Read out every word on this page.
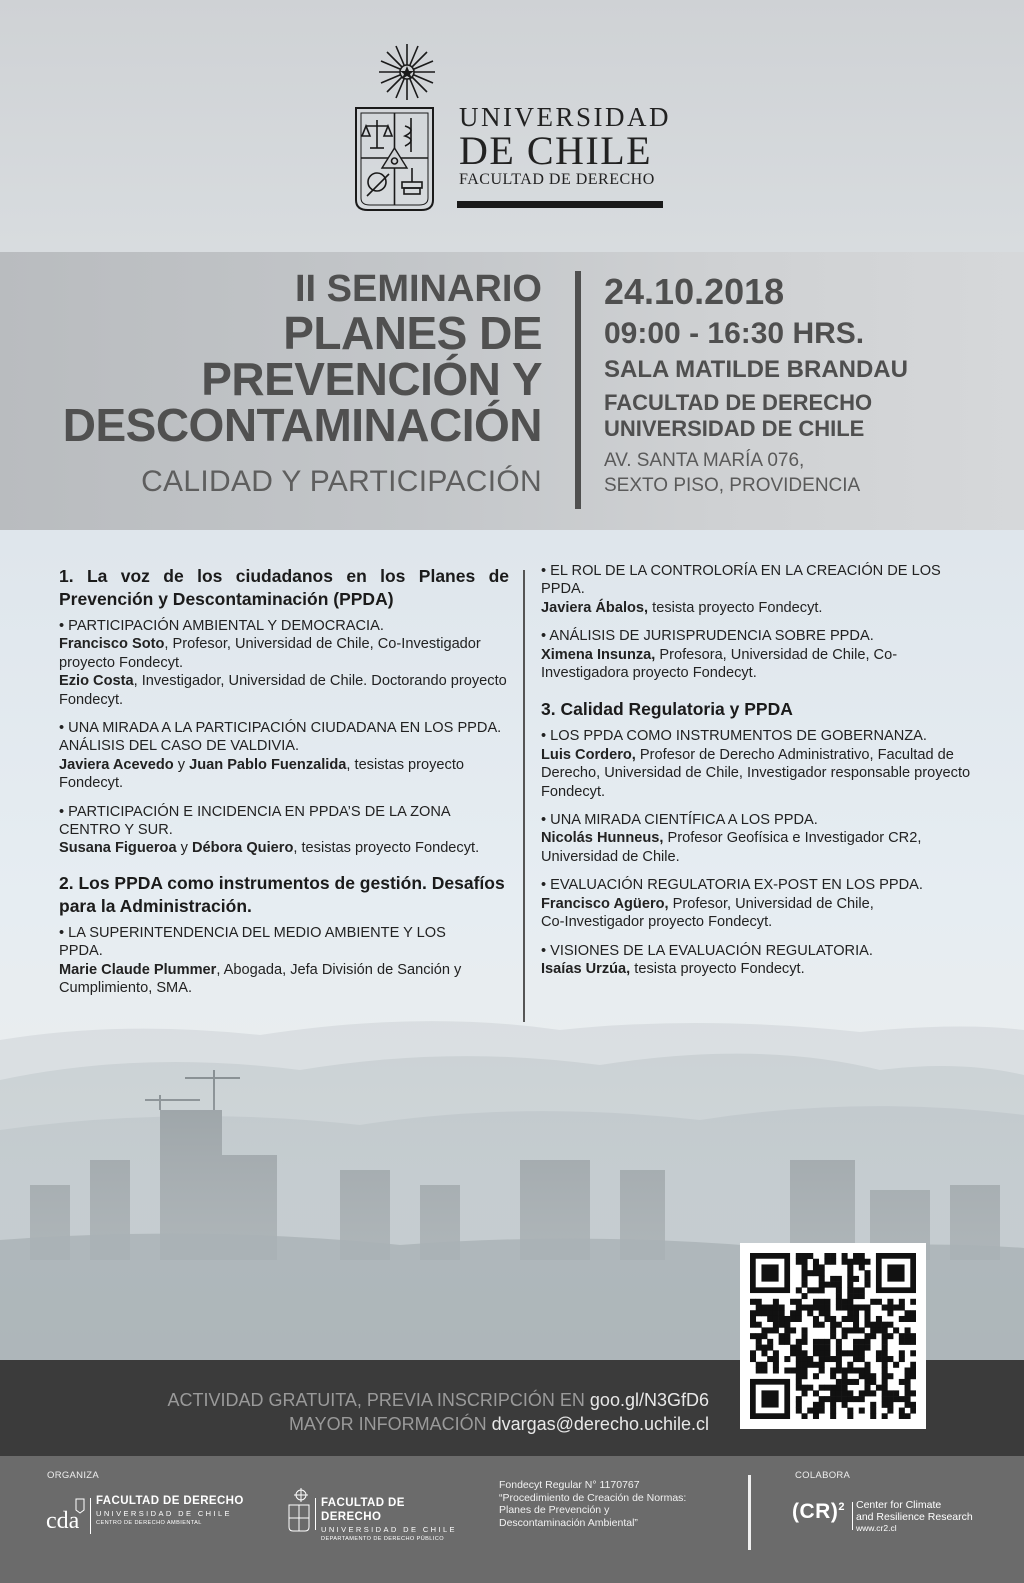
UNIVERSIDAD
DE CHILE
FACULTAD DE DERECHO
II SEMINARIO
PLANES DE
PREVENCIÓN Y
DESCONTAMINACIÓN
CALIDAD Y PARTICIPACIÓN
24.10.2018
09:00 - 16:30 HRS.
SALA MATILDE BRANDAU
FACULTAD DE DERECHO
UNIVERSIDAD DE CHILE
AV. SANTA MARÍA 076,
SEXTO PISO, PROVIDENCIA
1. La voz de los ciudadanos en los Planes de Prevención y Descontaminación (PPDA)
• PARTICIPACIÓN AMBIENTAL Y DEMOCRACIA.
Francisco Soto, Profesor, Universidad de Chile, Co-Investigador proyecto Fondecyt.
Ezio Costa, Investigador, Universidad de Chile. Doctorando proyecto Fondecyt.
• UNA MIRADA A LA PARTICIPACIÓN CIUDADANA EN LOS PPDA. ANÁLISIS DEL CASO DE VALDIVIA.
Javiera Acevedo y Juan Pablo Fuenzalida, tesistas proyecto Fondecyt.
• PARTICIPACIÓN E INCIDENCIA EN PPDA’S DE LA ZONA CENTRO Y SUR.
Susana Figueroa y Débora Quiero, tesistas proyecto Fondecyt.
2. Los PPDA como instrumentos de gestión. Desafíos para la Administración.
• LA SUPERINTENDENCIA DEL MEDIO AMBIENTE Y LOS PPDA.
Marie Claude Plummer, Abogada, Jefa División de Sanción y Cumplimiento, SMA.
• EL ROL DE LA CONTROLORÍA EN LA CREACIÓN DE LOS PPDA.
Javiera Ábalos, tesista proyecto Fondecyt.
• ANÁLISIS DE JURISPRUDENCIA SOBRE PPDA.
Ximena Insunza, Profesora, Universidad de Chile, Co-Investigadora proyecto Fondecyt.
3. Calidad Regulatoria y PPDA
• LOS PPDA COMO INSTRUMENTOS DE GOBERNANZA.
Luis Cordero, Profesor de Derecho Administrativo, Facultad de Derecho, Universidad de Chile, Investigador responsable proyecto Fondecyt.
• UNA MIRADA CIENTÍFICA A LOS PPDA.
Nicolás Hunneus, Profesor Geofísica e Investigador CR2, Universidad de Chile.
• EVALUACIÓN REGULATORIA EX-POST EN LOS PPDA.
Francisco Agüero, Profesor, Universidad de Chile, Co-Investigador proyecto Fondecyt.
• VISIONES DE LA EVALUACIÓN REGULATORIA.
Isaías Urzúa, tesista proyecto Fondecyt.
ACTIVIDAD GRATUITA, PREVIA INSCRIPCIÓN EN goo.gl/N3GfD6
MAYOR INFORMACIÓN dvargas@derecho.uchile.cl
ORGANIZA	COLABORA
cda
FACULTAD DE DERECHO
UNIVERSIDAD DE CHILE
CENTRO DE DERECHO AMBIENTAL
FACULTAD DE DERECHO
UNIVERSIDAD DE CHILE
DEPARTAMENTO DE DERECHO PÚBLICO
Fondecyt Regular N° 1170767
“Procedimiento de Creación de Normas:
Planes de Prevención y
Descontaminación Ambiental”	(CR)$^2$ Center for Climate
and Resilience Research
www.cr2.cl
